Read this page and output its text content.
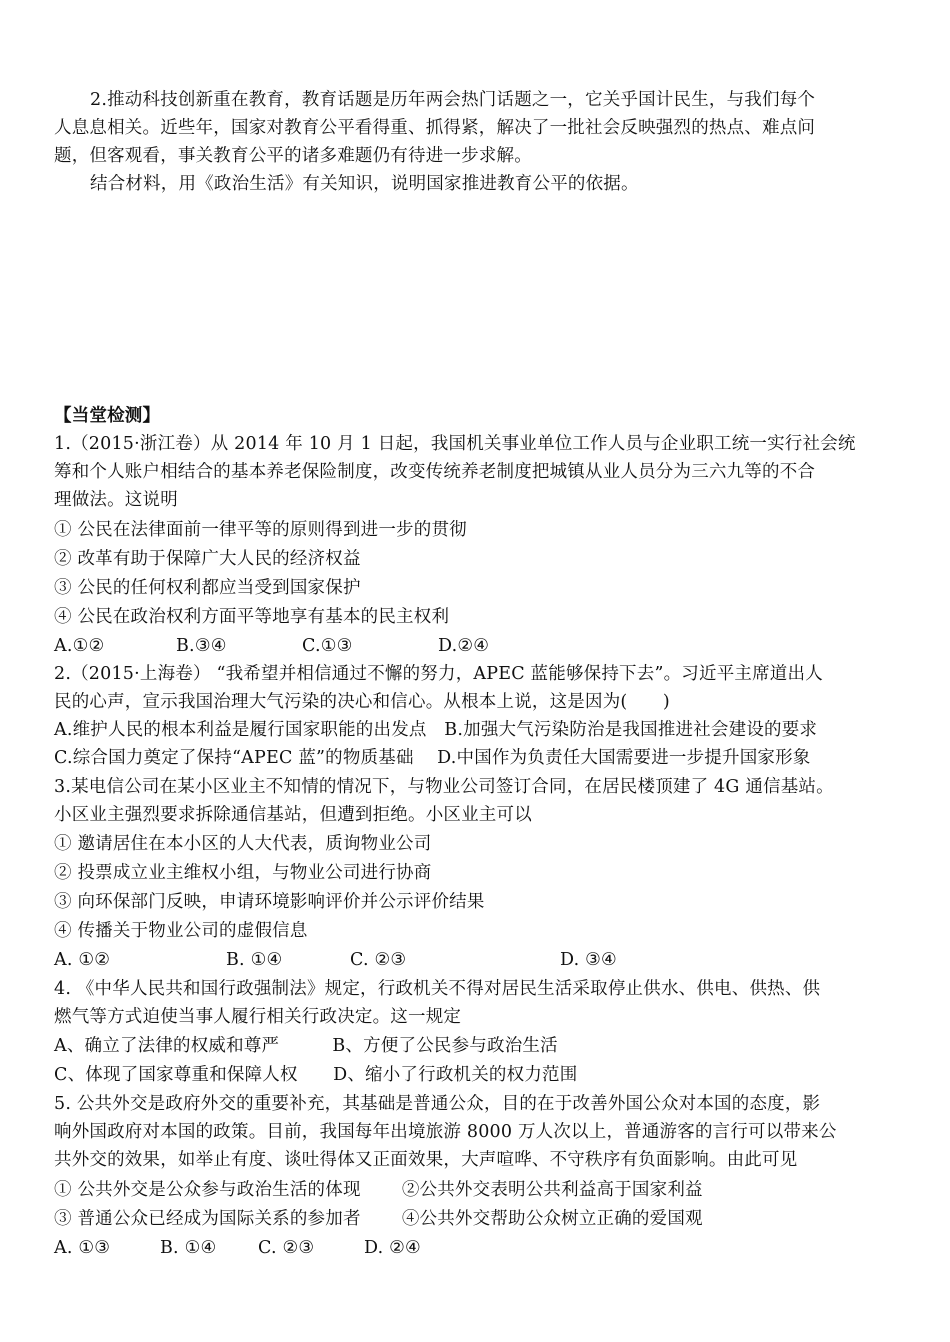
2.推动科技创新重在教育，教育话题是历年两会热门话题之一，它关乎国计民生，与我们每个
人息息相关。近些年，国家对教育公平看得重、抓得紧，解决了一批社会反映强烈的热点、难点问
题，但客观看，事关教育公平的诸多难题仍有待进一步求解。
结合材料，用《政治生活》有关知识，说明国家推进教育公平的依据。
【当堂检测】
1.（2015·浙江卷）从 2014 年 10 月 1 日起，我国机关事业单位工作人员与企业职工统一实行社会统
筹和个人账户相结合的基本养老保险制度，改变传统养老制度把城镇从业人员分为三六九等的不合
理做法。这说明
① 公民在法律面前一律平等的原则得到进一步的贯彻
② 改革有助于保障广大人民的经济权益
③ 公民的任何权利都应当受到国家保护
④ 公民在政治权利方面平等地享有基本的民主权利
A.①②	B.③④	C.①③	D.②④
2.（2015·上海卷） “我希望并相信通过不懈的努力，APEC 蓝能够保持下去”。习近平主席道出人
民的心声，宣示我国治理大气污染的决心和信心。从根本上说，这是因为(　　)
A.维护人民的根本利益是履行国家职能的出发点　B.加强大气污染防治是我国推进社会建设的要求
C.综合国力奠定了保持“APEC 蓝”的物质基础　 D.中国作为负责任大国需要进一步提升国家形象
3.某电信公司在某小区业主不知情的情况下，与物业公司签订合同，在居民楼顶建了 4G 通信基站。
小区业主强烈要求拆除通信基站，但遭到拒绝。小区业主可以
① 邀请居住在本小区的人大代表，质询物业公司
② 投票成立业主维权小组，与物业公司进行协商
③ 向环保部门反映，申请环境影响评价并公示评价结果
④ 传播关于物业公司的虚假信息
A. ①②	B. ①④	C. ②③	D. ③④
4. 《中华人民共和国行政强制法》规定，行政机关不得对居民生活采取停止供水、供电、供热、供
燃气等方式迫使当事人履行相关行政决定。这一规定
A、确立了法律的权威和尊严　　　B、方便了公民参与政治生活
C、体现了国家尊重和保障人权　　D、缩小了行政机关的权力范围
5. 公共外交是政府外交的重要补充，其基础是普通公众，目的在于改善外国公众对本国的态度，影
响外国政府对本国的政策。目前，我国每年出境旅游 8000 万人次以上，普通游客的言行可以带来公
共外交的效果，如举止有度、谈吐得体又正面效果，大声喧哗、不守秩序有负面影响。由此可见
① 公共外交是公众参与政治生活的体现　　 ②公共外交表明公共利益高于国家利益
③ 普通公众已经成为国际关系的参加者　　 ④公共外交帮助公众树立正确的爱国观
A. ①③	B. ①④ C. ②③	D. ②④
